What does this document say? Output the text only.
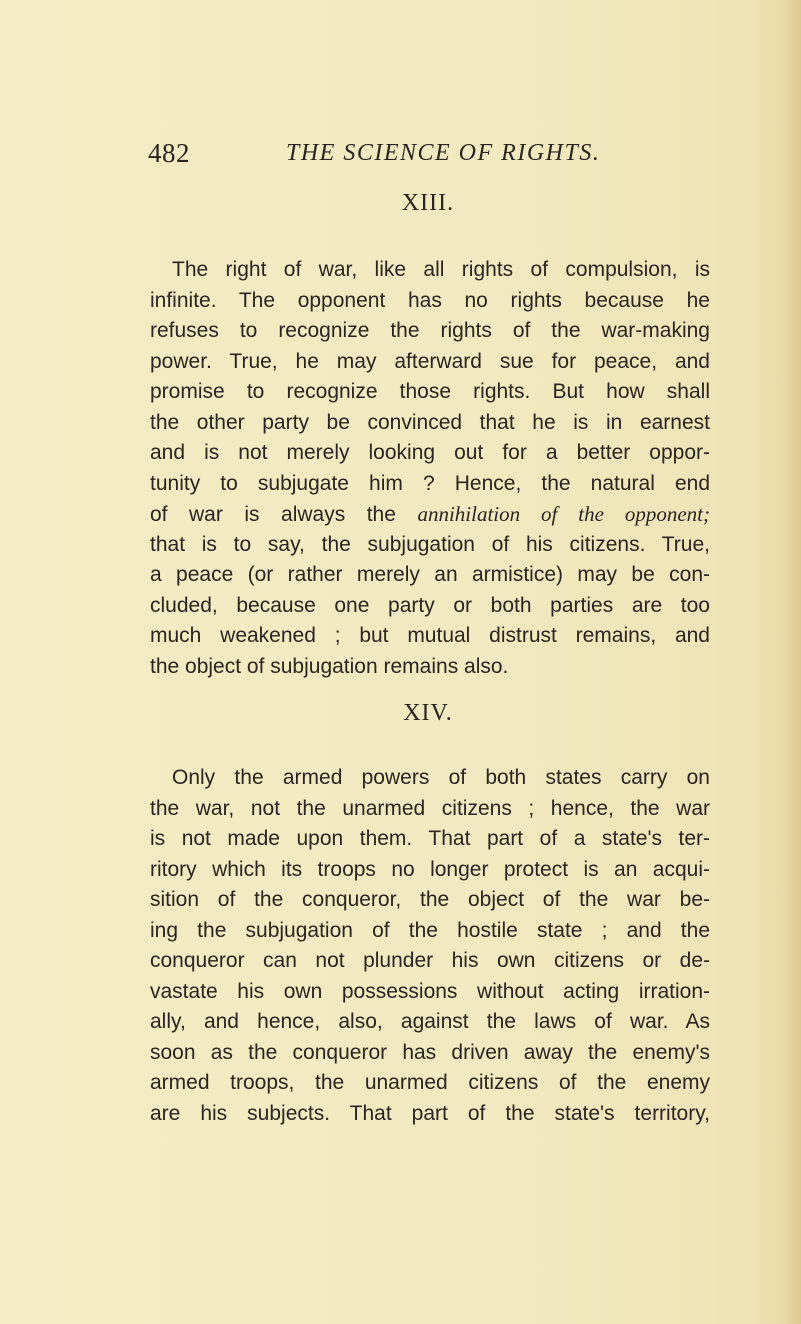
482	THE SCIENCE OF RIGHTS.
XIII.
The right of war, like all rights of compulsion, is
infinite. The opponent has no rights because he
refuses to recognize the rights of the war-making
power. True, he may afterward sue for peace, and
promise to recognize those rights. But how shall
the other party be convinced that he is in earnest
and is not merely looking out for a better oppor-
tunity to subjugate him ? Hence, the natural end
of war is always the annihilation of the opponent;
that is to say, the subjugation of his citizens. True,
a peace (or rather merely an armistice) may be con-
cluded, because one party or both parties are too
much weakened ; but mutual distrust remains, and
the object of subjugation remains also.
XIV.
Only the armed powers of both states carry on
the war, not the unarmed citizens ; hence, the war
is not made upon them. That part of a state's ter-
ritory which its troops no longer protect is an acqui-
sition of the conqueror, the object of the war be-
ing the subjugation of the hostile state ; and the
conqueror can not plunder his own citizens or de-
vastate his own possessions without acting irration-
ally, and hence, also, against the laws of war. As
soon as the conqueror has driven away the enemy's
armed troops, the unarmed citizens of the enemy
are his subjects. That part of the state's territory,
